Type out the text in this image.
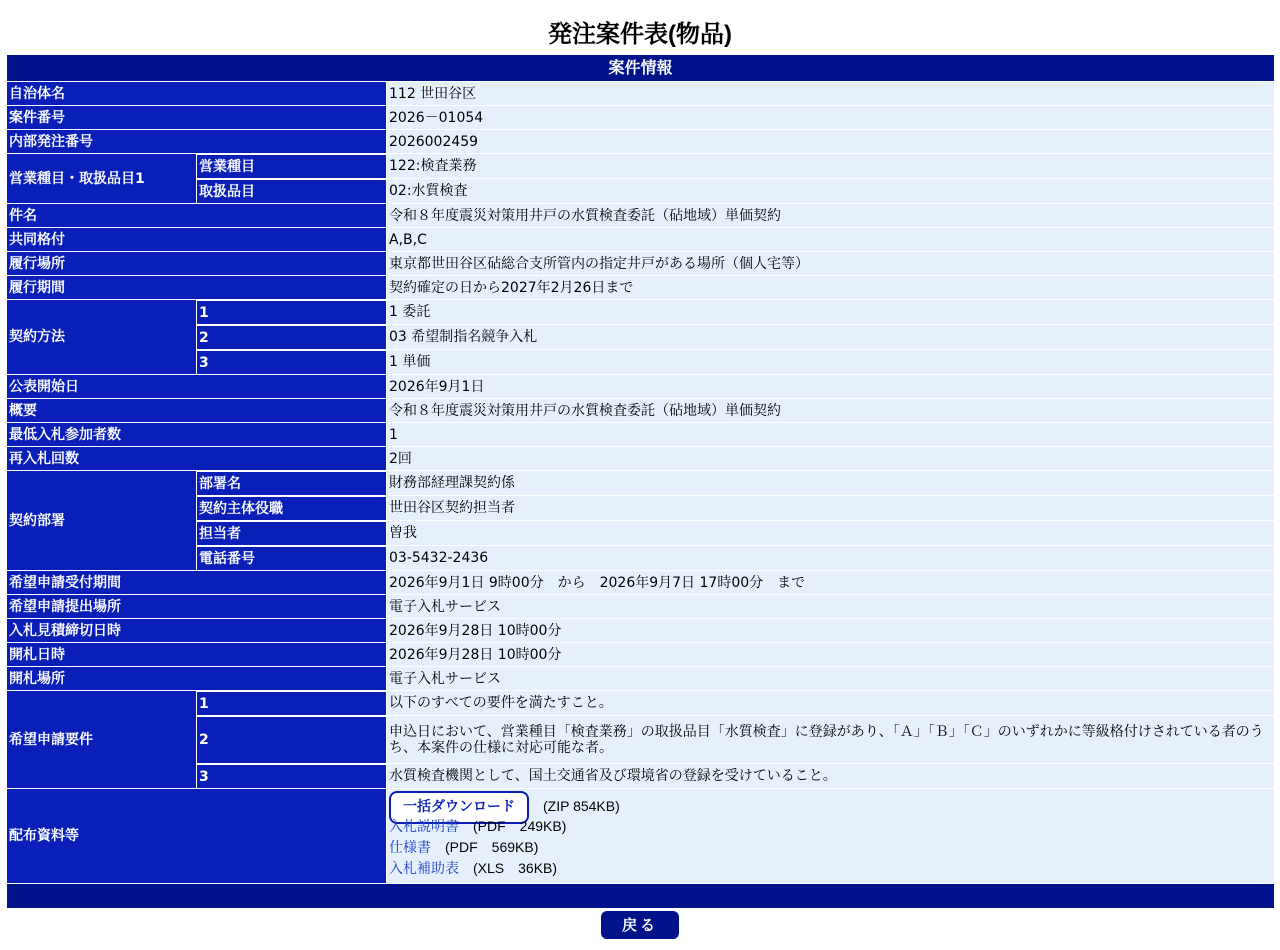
発注案件表(物品)
案件情報		
自治体名		112 世田谷区
案件番号		2026－01054
内部発注番号		2026002459
営業種目・取扱品目1	営業種目	122:検査業務
	取扱品目	02:水質検査
件名		令和８年度震災対策用井戸の水質検査委託（砧地域）単価契約
共同格付		A,B,C
履行場所		東京都世田谷区砧総合支所管内の指定井戸がある場所（個人宅等）
履行期間		契約確定の日から2027年2月26日まで
契約方法	1	1 委託
	2	03 希望制指名競争入札
	3	1 単価
公表開始日		2026年9月1日
概要		令和８年度震災対策用井戸の水質検査委託（砧地域）単価契約
最低入札参加者数		1
再入札回数		2回
契約部署	部署名	財務部経理課契約係
	契約主体役職	世田谷区契約担当者
	担当者	曽我
	電話番号	03-5432-2436
希望申請受付期間		2026年9月1日 9時00分　から　2026年9月7日 17時00分　まで
希望申請提出場所		電子入札サービス
入札見積締切日時		2026年9月28日 10時00分
開札日時		2026年9月28日 10時00分
開札場所		電子入札サービス
希望申請要件	1	以下のすべての要件を満たすこと。
	2	申込日において、営業種目「検査業務」の取扱品目「水質検査」に登録があり、「Ａ」「Ｂ」「Ｃ」のいずれかに等級格付けされている者のうち、本案件の仕様に対応可能な者。
	3	水質検査機関として、国土交通省及び環境省の登録を受けていること。
配布資料等		一括ダウンロード (ZIP 854KB)
入札説明書 (PDF　249KB)
仕様書 (PDF　569KB)
入札補助表 (XLS　36KB)

戻る
